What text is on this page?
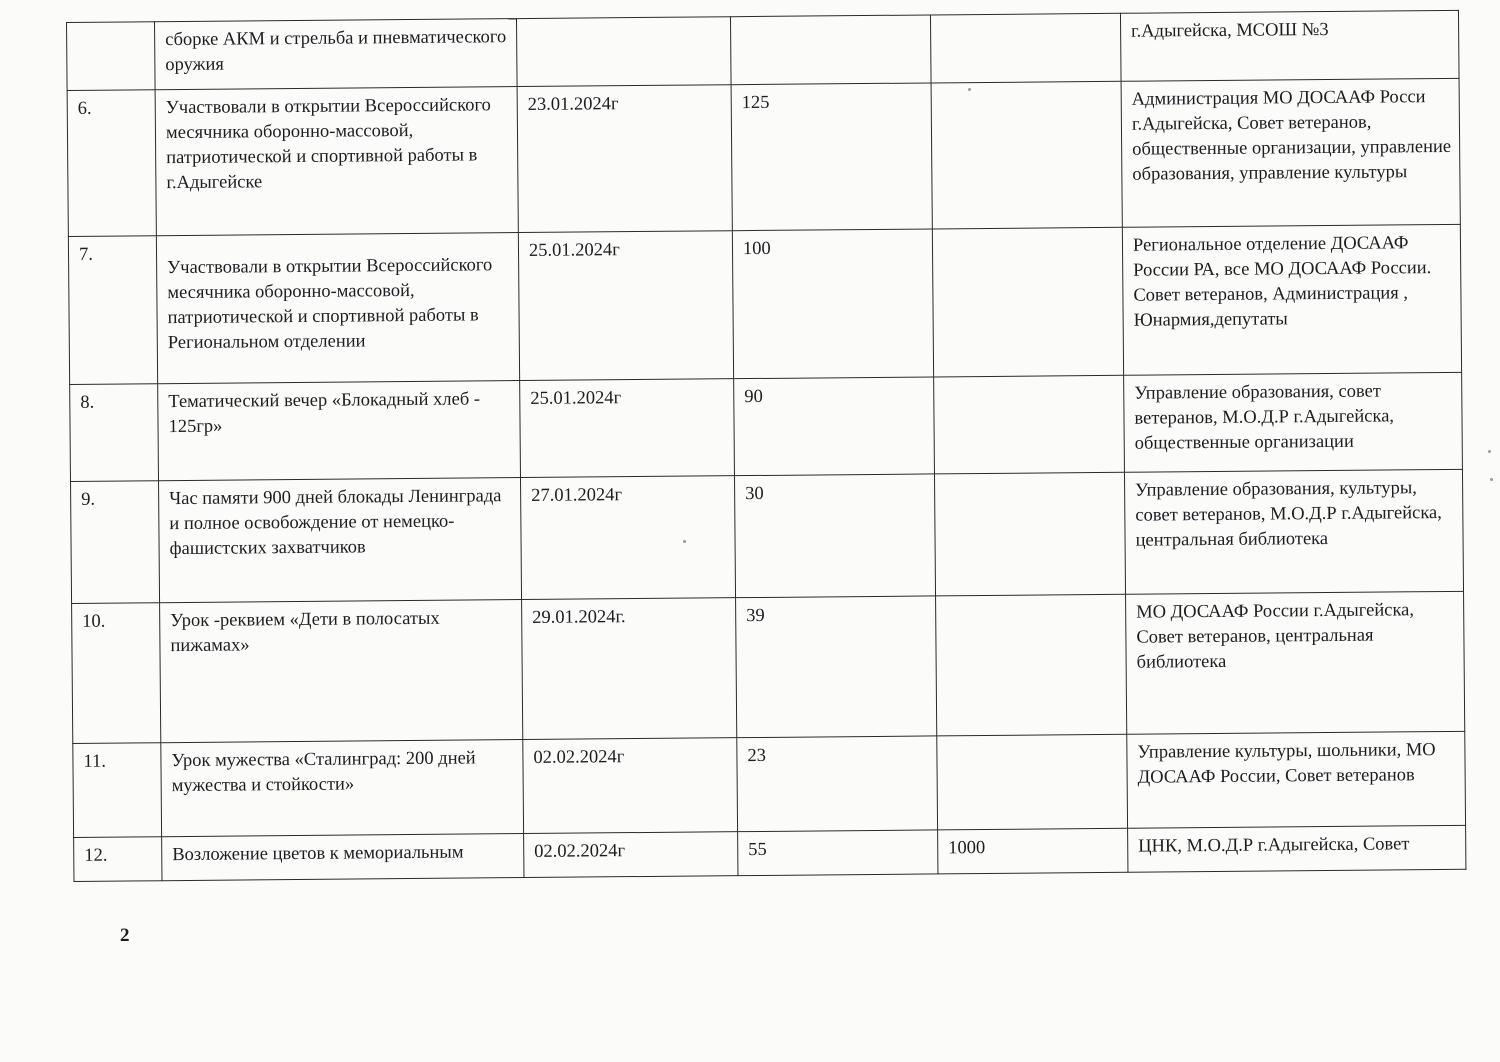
	сборке АКМ и стрельба и пневматического оружия				г.Адыгейска, МСОШ №3
6.	Участвовали в открытии Всероссийского месячника оборонно-массовой, патриотической и спортивной работы в г.Адыгейске	23.01.2024г	125		Администрация МО ДОСААФ Росси г.Адыгейска, Совет ветеранов, общественные организации, управление образования, управление культуры
7.	Участвовали в открытии Всероссийского месячника оборонно-массовой, патриотической и спортивной работы в Региональном отделении	25.01.2024г	100		Региональное отделение ДОСААФ России РА, все МО ДОСААФ России. Совет ветеранов, Администрация , Юнармия,депутаты
8.	Тематический вечер «Блокадный хлеб - 125гр»	25.01.2024г	90		Управление образования, совет ветеранов, М.О.Д.Р г.Адыгейска, общественные организации
9.	Час памяти 900 дней блокады Ленинграда и полное освобождение от немецко-фашистских захватчиков	27.01.2024г	30		Управление образования, культуры, совет ветеранов, М.О.Д.Р г.Адыгейска, центральная библиотека
10.	Урок -реквием «Дети в полосатых пижамах»	29.01.2024г.	39		МО ДОСААФ России г.Адыгейска, Совет ветеранов, центральная библиотека
11.	Урок мужества «Сталинград: 200 дней мужества и стойкости»	02.02.2024г	23		Управление культуры, шольники, МО ДОСААФ России, Совет ветеранов
12.	Возложение цветов к мемориальным	02.02.2024г	55	1000	ЦНК, М.О.Д.Р г.Адыгейска, Совет
2
